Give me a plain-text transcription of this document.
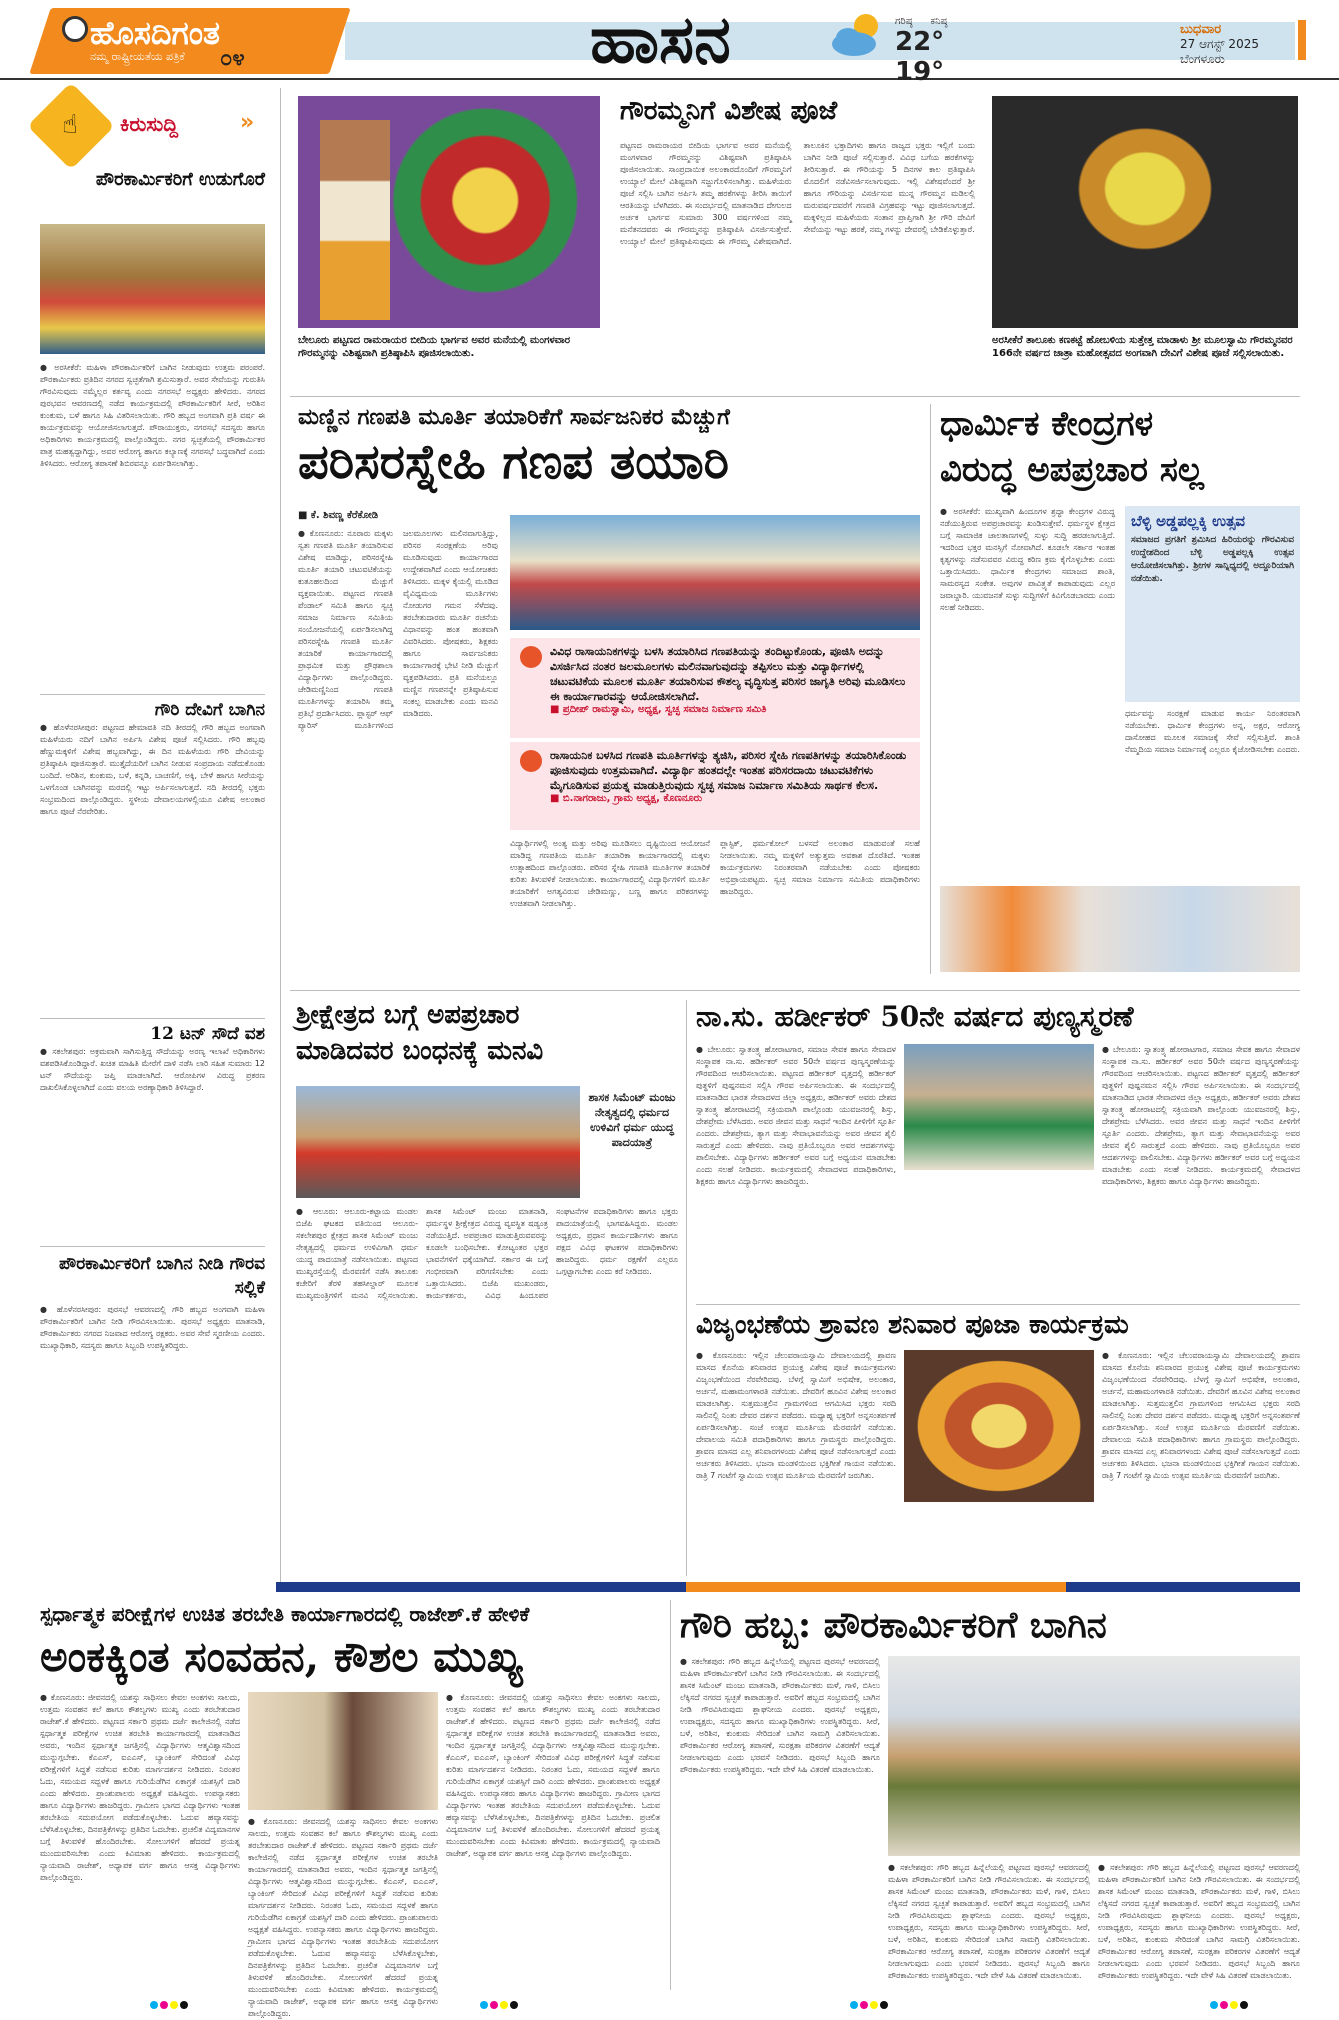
ಹೊಸದಿಗಂತ
ನಮ್ಮ ರಾಷ್ಟ್ರೀಯತೆಯ ಪತ್ರಿಕೆ ೦೪	ಹಾಸನ	ಗರಿಷ್ಠ ಕನಿಷ್ಠ
22°19°
ಬುಧವಾರ
27 ಆಗಸ್ಟ್ 2025
ಬೆಂಗಳೂರು
☝ ಕಿರುಸುದ್ದಿ	»
ಪೌರಕಾರ್ಮಿಕರಿಗೆ ಉಡುಗೊರೆ
● ಅರಸೀಕೆರೆ: ಮಹಿಳಾ ಪೌರಕಾರ್ಮಿಕರಿಗೆ ಬಾಗಿನ ನೀಡುವುದು ಉತ್ತಮ ಪರಂಪರೆ. ಪೌರಕಾರ್ಮಿಕರು ಪ್ರತಿದಿನ ನಗರದ ಸ್ವಚ್ಛತೆಗಾಗಿ ಶ್ರಮಿಸುತ್ತಾರೆ. ಅವರ ಸೇವೆಯನ್ನು ಗುರುತಿಸಿ ಗೌರವಿಸುವುದು ನಮ್ಮೆಲ್ಲರ ಕರ್ತವ್ಯ ಎಂದು ನಗರಸಭೆ ಅಧ್ಯಕ್ಷರು ಹೇಳಿದರು. ನಗರದ ಪುರಭವನ ಆವರಣದಲ್ಲಿ ನಡೆದ ಕಾರ್ಯಕ್ರಮದಲ್ಲಿ ಪೌರಕಾರ್ಮಿಕರಿಗೆ ಸೀರೆ, ಅರಿಶಿನ ಕುಂಕುಮ, ಬಳೆ ಹಾಗೂ ಸಿಹಿ ವಿತರಿಸಲಾಯಿತು. ಗೌರಿ ಹಬ್ಬದ ಅಂಗವಾಗಿ ಪ್ರತಿ ವರ್ಷ ಈ ಕಾರ್ಯಕ್ರಮವನ್ನು ಆಯೋಜಿಸಲಾಗುತ್ತದೆ. ಪೌರಾಯುಕ್ತರು, ನಗರಸಭೆ ಸದಸ್ಯರು ಹಾಗೂ ಅಧಿಕಾರಿಗಳು ಕಾರ್ಯಕ್ರಮದಲ್ಲಿ ಪಾಲ್ಗೊಂಡಿದ್ದರು. ನಗರ ಸ್ವಚ್ಛತೆಯಲ್ಲಿ ಪೌರಕಾರ್ಮಿಕರ ಪಾತ್ರ ಮಹತ್ವದ್ದಾಗಿದ್ದು, ಅವರ ಆರೋಗ್ಯ ಹಾಗೂ ಕಲ್ಯಾಣಕ್ಕೆ ನಗರಸಭೆ ಬದ್ಧವಾಗಿದೆ ಎಂದು ತಿಳಿಸಿದರು. ಆರೋಗ್ಯ ತಪಾಸಣೆ ಶಿಬಿರವನ್ನೂ ಏರ್ಪಡಿಸಲಾಗಿತ್ತು.
ಗೌರಿ ದೇವಿಗೆ ಬಾಗಿನ
● ಹೊಳೆನರಸೀಪುರ: ಪಟ್ಟಣದ ಹೇಮಾವತಿ ನದಿ ತೀರದಲ್ಲಿ ಗೌರಿ ಹಬ್ಬದ ಅಂಗವಾಗಿ ಮಹಿಳೆಯರು ನದಿಗೆ ಬಾಗಿನ ಅರ್ಪಿಸಿ ವಿಶೇಷ ಪೂಜೆ ಸಲ್ಲಿಸಿದರು. ಗೌರಿ ಹಬ್ಬವು ಹೆಣ್ಣುಮಕ್ಕಳಿಗೆ ವಿಶೇಷ ಹಬ್ಬವಾಗಿದ್ದು, ಈ ದಿನ ಮಹಿಳೆಯರು ಗೌರಿ ದೇವಿಯನ್ನು ಪ್ರತಿಷ್ಠಾಪಿಸಿ ಪೂಜಿಸುತ್ತಾರೆ. ಮುತ್ತೈದೆಯರಿಗೆ ಬಾಗಿನ ನೀಡುವ ಸಂಪ್ರದಾಯ ನಡೆದುಕೊಂಡು ಬಂದಿದೆ. ಅರಿಶಿನ, ಕುಂಕುಮ, ಬಳೆ, ಕನ್ನಡಿ, ಬಾಚಣಿಗೆ, ಅಕ್ಕಿ, ಬೇಳೆ ಹಾಗೂ ಸೀರೆಯನ್ನು ಒಳಗೊಂಡ ಬಾಗಿನವನ್ನು ಮರದಲ್ಲಿ ಇಟ್ಟು ಅರ್ಪಿಸಲಾಗುತ್ತದೆ. ನದಿ ತೀರದಲ್ಲಿ ಭಕ್ತರು ಸಂಭ್ರಮದಿಂದ ಪಾಲ್ಗೊಂಡಿದ್ದರು. ಸ್ಥಳೀಯ ದೇವಾಲಯಗಳಲ್ಲಿಯೂ ವಿಶೇಷ ಅಲಂಕಾರ ಹಾಗೂ ಪೂಜೆ ನೆರವೇರಿತು.
12 ಟನ್ ಸೌದೆ ವಶ
● ಸಕಲೇಶಪುರ: ಅಕ್ರಮವಾಗಿ ಸಾಗಿಸುತ್ತಿದ್ದ ಸೌದೆಯನ್ನು ಅರಣ್ಯ ಇಲಾಖೆ ಅಧಿಕಾರಿಗಳು ವಶಪಡಿಸಿಕೊಂಡಿದ್ದಾರೆ. ಖಚಿತ ಮಾಹಿತಿ ಮೇರೆಗೆ ದಾಳಿ ನಡೆಸಿ ಲಾರಿ ಸಹಿತ ಸುಮಾರು 12 ಟನ್ ಸೌದೆಯನ್ನು ಜಪ್ತಿ ಮಾಡಲಾಗಿದೆ. ಆರೋಪಿಗಳ ವಿರುದ್ಧ ಪ್ರಕರಣ ದಾಖಲಿಸಿಕೊಳ್ಳಲಾಗಿದೆ ಎಂದು ವಲಯ ಅರಣ್ಯಾಧಿಕಾರಿ ತಿಳಿಸಿದ್ದಾರೆ.
ಪೌರಕಾರ್ಮಿಕರಿಗೆ ಬಾಗಿನ ನೀಡಿ ಗೌರವ ಸಲ್ಲಿಕೆ
● ಹೊಳೆನರಸೀಪುರ: ಪುರಸಭೆ ಆವರಣದಲ್ಲಿ ಗೌರಿ ಹಬ್ಬದ ಅಂಗವಾಗಿ ಮಹಿಳಾ ಪೌರಕಾರ್ಮಿಕರಿಗೆ ಬಾಗಿನ ನೀಡಿ ಗೌರವಿಸಲಾಯಿತು. ಪುರಸಭೆ ಅಧ್ಯಕ್ಷರು ಮಾತನಾಡಿ, ಪೌರಕಾರ್ಮಿಕರು ನಗರದ ನಿಜವಾದ ಆರೋಗ್ಯ ರಕ್ಷಕರು. ಅವರ ಸೇವೆ ಸ್ಮರಣೀಯ ಎಂದರು. ಮುಖ್ಯಾಧಿಕಾರಿ, ಸದಸ್ಯರು ಹಾಗೂ ಸಿಬ್ಬಂದಿ ಉಪಸ್ಥಿತರಿದ್ದರು.
ಬೇಲೂರು ಪಟ್ಟಣದ ರಾಮರಾಯರ ಬೀದಿಯ ಭಾರ್ಗವ ಅವರ ಮನೆಯಲ್ಲಿ ಮಂಗಳವಾರ ಗೌರಮ್ಮನನ್ನು ವಿಶಿಷ್ಟವಾಗಿ ಪ್ರತಿಷ್ಠಾಪಿಸಿ ಪೂಜಿಸಲಾಯಿತು.
ಗೌರಮ್ಮನಿಗೆ ವಿಶೇಷ ಪೂಜೆ
ಪಟ್ಟಣದ ರಾಮರಾಯರ ಬೀದಿಯ ಭಾರ್ಗವ ಅವರ ಮನೆಯಲ್ಲಿ ಮಂಗಳವಾರ ಗೌರಮ್ಮನನ್ನು ವಿಶಿಷ್ಟವಾಗಿ ಪ್ರತಿಷ್ಠಾಪಿಸಿ ಪೂಜಿಸಲಾಯಿತು. ಸಾಂಪ್ರದಾಯಿಕ ಅಲಂಕಾರದೊಂದಿಗೆ ಗೌರಮ್ಮನಿಗೆ ಉಯ್ಯಾಲೆ ಮೇಲೆ ವಿಶಿಷ್ಟವಾಗಿ ಸಜ್ಜುಗೊಳಿಸಲಾಗಿತ್ತು. ಮಹಿಳೆಯರು ಪೂಜೆ ಸಲ್ಲಿಸಿ ಬಾಗಿನ ಅರ್ಪಿಸಿ ತಮ್ಮ ಹರಕೆಗಳನ್ನು ತೀರಿಸಿ ತಾಯಿಗೆ ಆರತಿಯನ್ನು ಬೆಳಗಿದರು. ಈ ಸಂದರ್ಭದಲ್ಲಿ ಮಾತನಾಡಿದ ದೇಗುಲದ ಅರ್ಚಕ ಭಾರ್ಗವ ಸುಮಾರು 300 ವರ್ಷಗಳಿಂದ ನಮ್ಮ ಮನೆತನದವರು ಈ ಗೌರಮ್ಮನನ್ನು ಪ್ರತಿಷ್ಠಾಪಿಸಿ ವಿಸರ್ಜಿಸುತ್ತೇವೆ. ಉಯ್ಯಾಲೆ ಮೇಲೆ ಪ್ರತಿಷ್ಠಾಪಿಸುವುದು ಈ ಗೌರಮ್ಮ ವಿಶೇಷವಾಗಿದೆ. ತಾಲೂಕಿನ ಭಕ್ತಾದಿಗಳು ಹಾಗೂ ರಾಜ್ಯದ ಭಕ್ತರು ಇಲ್ಲಿಗೆ ಬಂದು ಬಾಗಿನ ನೀಡಿ ಪೂಜೆ ಸಲ್ಲಿಸುತ್ತಾರೆ. ವಿವಿಧ ಬಗೆಯ ಹರಕೆಗಳನ್ನು ತೀರಿಸುತ್ತಾರೆ. ಈ ಗೌರಿಯನ್ನು 5 ದಿನಗಳ ಕಾಲ ಪ್ರತಿಷ್ಠಾಪಿಸಿ ಮೊದಲಿಗೆ ನಡೆವಿಸರ್ಜಿಸಲಾಗುವುದು. ಇಲ್ಲಿ ವಿಶೇಷವೆಂದರೆ ಶ್ರೀ ಹಾಗೂ ಗೌರಿಯನ್ನು ವಿಸರ್ಜಿಸುವ ಮುನ್ನ ಗೌರಮ್ಮನ ಮಡಿಲಲ್ಲಿ ಮರುವರ್ಷದವರೆಗೆ ಗಣಪತಿ ವಿಗ್ರಹವನ್ನು ಇಟ್ಟು ಪೂಜಿಸಲಾಗುತ್ತದೆ. ಮಕ್ಕಳಿಲ್ಲದ ಮಹಿಳೆಯರು ಸಂತಾನ ಪ್ರಾಪ್ತಿಗಾಗಿ ಶ್ರೀ ಗೌರಿ ದೇವಿಗೆ ಸೇವೆಯನ್ನು ಇಟ್ಟು ಹರಕೆ, ನಮ್ಮ ಗಳನ್ನು ದೇವರಲ್ಲಿ ಬೇಡಿಕೊಳ್ಳುತ್ತಾರೆ.
ಅರಸೀಕೆರೆ ತಾಲೂಕು ಕಣಕಟ್ಟೆ ಹೋಬಳಿಯ ಸುತ್ತೇತ್ತ ಮಾಡಾಳು ಶ್ರೀ ಮೂಲಸ್ವಾಮಿ ಗೌರಮ್ಮನವರ 166ನೇ ವರ್ಷದ ಜಾತ್ರಾ ಮಹೋತ್ಸವದ ಅಂಗವಾಗಿ ದೇವಿಗೆ ವಿಶೇಷ ಪೂಜೆ ಸಲ್ಲಿಸಲಾಯಿತು.
ಮಣ್ಣಿನ ಗಣಪತಿ ಮೂರ್ತಿ ತಯಾರಿಕೆಗೆ ಸಾರ್ವಜನಿಕರ ಮೆಚ್ಚುಗೆ
ಪರಿಸರಸ್ನೇಹಿ ಗಣಪ ತಯಾರಿ
■ ಕೆ. ಶಿವಣ್ಣ ಕೆರೆಕೋಡಿ
● ಕೊಣನೂರು: ನೂರಾರು ಮಕ್ಕಳು ಸ್ವತಃ ಗಣಪತಿ ಮೂರ್ತಿ ತಯಾರಿಸುವ ವಿಶೇಷ ಮಾಡಿದ್ದು, ಪರಿಸರಸ್ನೇಹಿ ಮೂರ್ತಿ ತಯಾರಿ ಚಟುವಟಿಕೆಯನ್ನು ಕುತೂಹಲದಿಂದ ಮೆಚ್ಚುಗೆ ವ್ಯಕ್ತವಾಯಿತು. ಪಟ್ಟಣದ ಗಣಪತಿ ಪೆಂಡಾಲ್ ಸಮಿತಿ ಹಾಗೂ ಸ್ವಚ್ಛ ಸಮಾಜ ನಿರ್ಮಾಣ ಸಮಿತಿಯ ಸಂಯೋಜನೆಯಲ್ಲಿ ಏರ್ಪಡಿಸಲಾಗಿದ್ದ ಪರಿಸರಸ್ನೇಹಿ ಗಣಪತಿ ಮೂರ್ತಿ ತಯಾರಿಕೆ ಕಾರ್ಯಾಗಾರದಲ್ಲಿ ಪ್ರಾಥಮಿಕ ಮತ್ತು ಪ್ರೌಢಶಾಲಾ ವಿದ್ಯಾರ್ಥಿಗಳು ಪಾಲ್ಗೊಂಡಿದ್ದರು. ಜೇಡಿಮಣ್ಣಿನಿಂದ ಗಣಪತಿ ಮೂರ್ತಿಗಳನ್ನು ತಯಾರಿಸಿ ತಮ್ಮ ಪ್ರತಿಭೆ ಪ್ರದರ್ಶಿಸಿದರು. ಪ್ಲಾಸ್ಟರ್ ಆಫ್ ಪ್ಯಾರಿಸ್ ಮೂರ್ತಿಗಳಿಂದ ಜಲಮೂಲಗಳು ಮಲಿನವಾಗುತ್ತಿದ್ದು, ಪರಿಸರ ಸಂರಕ್ಷಣೆಯ ಅರಿವು ಮೂಡಿಸುವುದು ಕಾರ್ಯಾಗಾರದ ಉದ್ದೇಶವಾಗಿದೆ ಎಂದು ಆಯೋಜಕರು ತಿಳಿಸಿದರು. ಮಕ್ಕಳ ಕೈಯಲ್ಲಿ ಮೂಡಿದ ವೈವಿಧ್ಯಮಯ ಮೂರ್ತಿಗಳು ನೋಡುಗರ ಗಮನ ಸೆಳೆದವು. ತರಬೇತುದಾರರು ಮೂರ್ತಿ ರಚನೆಯ ವಿಧಾನವನ್ನು ಹಂತ ಹಂತವಾಗಿ ವಿವರಿಸಿದರು. ಪೋಷಕರು, ಶಿಕ್ಷಕರು ಹಾಗೂ ಸಾರ್ವಜನಿಕರು ಕಾರ್ಯಾಗಾರಕ್ಕೆ ಭೇಟಿ ನೀಡಿ ಮೆಚ್ಚುಗೆ ವ್ಯಕ್ತಪಡಿಸಿದರು. ಪ್ರತಿ ಮನೆಯಲ್ಲೂ ಮಣ್ಣಿನ ಗಣಪನನ್ನೇ ಪ್ರತಿಷ್ಠಾಪಿಸುವ ಸಂಕಲ್ಪ ಮಾಡಬೇಕು ಎಂದು ಮನವಿ ಮಾಡಿದರು.
ವಿವಿಧ ರಾಸಾಯನಿಕಗಳನ್ನು ಬಳಸಿ ತಯಾರಿಸಿದ ಗಣಪತಿಯನ್ನು ತಂದಿಟ್ಟುಕೊಂಡು, ಪೂಜಿಸಿ ಅದನ್ನು ವಿಸರ್ಜಿಸಿದ ನಂತರ ಜಲಮೂಲಗಳು ಮಲಿನವಾಗುವುದನ್ನು ತಪ್ಪಿಸಲು ಮತ್ತು ವಿದ್ಯಾರ್ಥಿಗಳಲ್ಲಿ ಚಟುವಟಿಕೆಯ ಮೂಲಕ ಮೂರ್ತಿ ತಯಾರಿಸುವ ಕೌಶಲ್ಯ ವೃದ್ಧಿಸುತ್ತ ಪರಿಸರ ಜಾಗೃತಿ ಅರಿವು ಮೂಡಿಸಲು ಈ ಕಾರ್ಯಾಗಾರವನ್ನು ಆಯೋಜಿಸಲಾಗಿದೆ.
■ ಪ್ರದೀಪ್ ರಾಮಸ್ವಾಮಿ, ಅಧ್ಯಕ್ಷ, ಸ್ವಚ್ಛ ಸಮಾಜ ನಿರ್ಮಾಣ ಸಮಿತಿ
ರಾಸಾಯನಿಕ ಬಳಸಿದ ಗಣಪತಿ ಮೂರ್ತಿಗಳನ್ನು ತ್ಯಜಿಸಿ, ಪರಿಸರ ಸ್ನೇಹಿ ಗಣಪತಿಗಳನ್ನು ತಯಾರಿಸಿಕೊಂಡು ಪೂಜಿಸುವುದು ಉತ್ತಮವಾಗಿದೆ. ವಿದ್ಯಾರ್ಥಿ ಹಂತದಲ್ಲೇ ಇಂತಹ ಪರಿಸರದಾಯಿ ಚಟುವಟಿಕೆಗಳು ಮೈಗೂಡಿಸುವ ಪ್ರಯತ್ನ ಮಾಡುತ್ತಿರುವುದು ಸ್ವಚ್ಛ ಸಮಾಜ ನಿರ್ಮಾಣ ಸಮಿತಿಯ ಸಾರ್ಥಕ ಕೆಲಸ.
■ ಬಿ.ನಾಗರಾಜು, ಗ್ರಾಮ ಅಧ್ಯಕ್ಷ, ಕೊಣನೂರು
ವಿದ್ಯಾರ್ಥಿಗಳಲ್ಲಿ ಅಂತ್ಯ ಮತ್ತು ಅರಿವು ಮೂಡಿಸಲು ದೃಷ್ಟಿಯಿಂದ ಆಯೋಜನೆ ಮಾಡಿದ್ದ ಗಣಪತಿಯ ಮೂರ್ತಿ ತಯಾರಿಕಾ ಕಾರ್ಯಾಗಾರದಲ್ಲಿ ಮಕ್ಕಳು ಉತ್ಸಾಹದಿಂದ ಪಾಲ್ಗೊಂಡರು. ಪರಿಸರ ಸ್ನೇಹಿ ಗಣಪತಿ ಮೂರ್ತಿಗಳ ತಯಾರಿಕೆ ಕುರಿತು ತಿಳುವಳಿಕೆ ನೀಡಲಾಯಿತು. ಕಾರ್ಯಾಗಾರದಲ್ಲಿ ವಿದ್ಯಾರ್ಥಿಗಳಿಗೆ ಮೂರ್ತಿ ತಯಾರಿಕೆಗೆ ಅಗತ್ಯವಿರುವ ಜೇಡಿಮಣ್ಣು, ಬಣ್ಣ ಹಾಗೂ ಪರಿಕರಗಳನ್ನು ಉಚಿತವಾಗಿ ನೀಡಲಾಗಿತ್ತು.
ಪ್ಲಾಸ್ಟಿಕ್, ಥರ್ಮಕೋಲ್ ಬಳಸದೆ ಅಲಂಕಾರ ಮಾಡುವಂತೆ ಸಲಹೆ ನೀಡಲಾಯಿತು. ನಮ್ಮ ಮಕ್ಕಳಿಗೆ ಅತ್ಯುತ್ತಮ ಅವಕಾಶ ದೊರೆತಿದೆ. ಇಂತಹ ಕಾರ್ಯಕ್ರಮಗಳು ನಿರಂತರವಾಗಿ ನಡೆಯಬೇಕು ಎಂದು ಪೋಷಕರು ಅಭಿಪ್ರಾಯಪಟ್ಟರು. ಸ್ವಚ್ಛ ಸಮಾಜ ನಿರ್ಮಾಣ ಸಮಿತಿಯ ಪದಾಧಿಕಾರಿಗಳು ಹಾಜರಿದ್ದರು.
ಧಾರ್ಮಿಕ ಕೇಂದ್ರಗಳ
ವಿರುದ್ಧ ಅಪಪ್ರಚಾರ ಸಲ್ಲ
● ಅರಸೀಕೆರೆ: ಮುಖ್ಯವಾಗಿ ಹಿಂದೂಗಳ ಶ್ರದ್ಧಾ ಕೇಂದ್ರಗಳ ವಿರುದ್ಧ ನಡೆಯುತ್ತಿರುವ ಅಪಪ್ರಚಾರವನ್ನು ಖಂಡಿಸುತ್ತೇವೆ. ಧರ್ಮಸ್ಥಳ ಕ್ಷೇತ್ರದ ಬಗ್ಗೆ ಸಾಮಾಜಿಕ ಜಾಲತಾಣಗಳಲ್ಲಿ ಸುಳ್ಳು ಸುದ್ದಿ ಹರಡಲಾಗುತ್ತಿದೆ. ಇದರಿಂದ ಭಕ್ತರ ಮನಸ್ಸಿಗೆ ನೋವಾಗಿದೆ. ಕೂಡಲೇ ಸರ್ಕಾರ ಇಂತಹ ಕೃತ್ಯಗಳನ್ನು ನಡೆಸುವವರ ವಿರುದ್ಧ ಕಠಿಣ ಕ್ರಮ ಕೈಗೊಳ್ಳಬೇಕು ಎಂದು ಒತ್ತಾಯಿಸಿದರು. ಧಾರ್ಮಿಕ ಕೇಂದ್ರಗಳು ಸಮಾಜದ ಶಾಂತಿ, ಸಾಮರಸ್ಯದ ಸಂಕೇತ. ಅವುಗಳ ಪಾವಿತ್ರ್ಯತೆ ಕಾಪಾಡುವುದು ಎಲ್ಲರ ಜವಾಬ್ದಾರಿ. ಯುವಜನತೆ ಸುಳ್ಳು ಸುದ್ದಿಗಳಿಗೆ ಕಿವಿಗೊಡಬಾರದು ಎಂದು ಸಲಹೆ ನೀಡಿದರು.
ಬೆಳ್ಳಿ ಅಡ್ಡಪಲ್ಲಕ್ಕಿ ಉತ್ಸವ
ಸಮಾಜದ ಪ್ರಗತಿಗೆ ಶ್ರಮಿಸಿದ ಹಿರಿಯರನ್ನು ಗೌರವಿಸುವ ಉದ್ದೇಶದಿಂದ ಬೆಳ್ಳಿ ಅಡ್ಡಪಲ್ಲಕ್ಕಿ ಉತ್ಸವ ಆಯೋಜಿಸಲಾಗಿತ್ತು. ಶ್ರೀಗಳ ಸಾನ್ನಿಧ್ಯದಲ್ಲಿ ಅದ್ದೂರಿಯಾಗಿ ನಡೆಯಿತು.
ಧರ್ಮವನ್ನು ಸಂರಕ್ಷಣೆ ಮಾಡುವ ಕಾರ್ಯ ನಿರಂತರವಾಗಿ ನಡೆಯಬೇಕು. ಧಾರ್ಮಿಕ ಕೇಂದ್ರಗಳು ಅನ್ನ, ಅಕ್ಷರ, ಆರೋಗ್ಯ ದಾಸೋಹದ ಮೂಲಕ ಸಮಾಜಕ್ಕೆ ಸೇವೆ ಸಲ್ಲಿಸುತ್ತಿವೆ. ಶಾಂತಿ ನೆಮ್ಮದಿಯ ಸಮಾಜ ನಿರ್ಮಾಣಕ್ಕೆ ಎಲ್ಲರೂ ಕೈಜೋಡಿಸಬೇಕು ಎಂದರು.
ಶ್ರೀಕ್ಷೇತ್ರದ ಬಗ್ಗೆ ಅಪಪ್ರಚಾರ
ಮಾಡಿದವರ ಬಂಧನಕ್ಕೆ ಮನವಿ
ಶಾಸಕ ಸಿಮೆಂಟ್ ಮಂಜು ನೇತೃತ್ವದಲ್ಲಿ ಧರ್ಮದ ಉಳಿವಿಗೆ ಧರ್ಮ ಯುದ್ಧ ಪಾದಯಾತ್ರೆ
● ಆಲೂರು: ಆಲೂರು-ಕಟ್ಟಾಯ ಮಂಡಲ ಬಿಜೆಪಿ ಘಟಕದ ವತಿಯಿಂದ ಆಲೂರು-ಸಕಲೇಶಪುರ ಕ್ಷೇತ್ರದ ಶಾಸಕ ಸಿಮೆಂಟ್ ಮಂಜು ನೇತೃತ್ವದಲ್ಲಿ ಧರ್ಮದ ಉಳಿವಿಗಾಗಿ ಧರ್ಮ ಯುದ್ಧ ಪಾದಯಾತ್ರೆ ನಡೆಸಲಾಯಿತು. ಪಟ್ಟಣದ ಮುಖ್ಯರಸ್ತೆಯಲ್ಲಿ ಮೆರವಣಿಗೆ ನಡೆಸಿ ತಾಲೂಕು ಕಚೇರಿಗೆ ತೆರಳಿ ತಹಸೀಲ್ದಾರ್ ಮೂಲಕ ಮುಖ್ಯಮಂತ್ರಿಗಳಿಗೆ ಮನವಿ ಸಲ್ಲಿಸಲಾಯಿತು. ಶಾಸಕ ಸಿಮೆಂಟ್ ಮಂಜು ಮಾತನಾಡಿ, ಧರ್ಮಸ್ಥಳ ಶ್ರೀಕ್ಷೇತ್ರದ ವಿರುದ್ಧ ವ್ಯವಸ್ಥಿತ ಷಡ್ಯಂತ್ರ ನಡೆಯುತ್ತಿದೆ. ಅಪಪ್ರಚಾರ ಮಾಡುತ್ತಿರುವವರನ್ನು ಕೂಡಲೇ ಬಂಧಿಸಬೇಕು. ಕೋಟ್ಯಂತರ ಭಕ್ತರ ಭಾವನೆಗಳಿಗೆ ಧಕ್ಕೆಯಾಗಿದೆ. ಸರ್ಕಾರ ಈ ಬಗ್ಗೆ ಗಂಭೀರವಾಗಿ ಪರಿಗಣಿಸಬೇಕು ಎಂದು ಒತ್ತಾಯಿಸಿದರು. ಬಿಜೆಪಿ ಮುಖಂಡರು, ಕಾರ್ಯಕರ್ತರು, ವಿವಿಧ ಹಿಂದೂಪರ ಸಂಘಟನೆಗಳ ಪದಾಧಿಕಾರಿಗಳು ಹಾಗೂ ಭಕ್ತರು ಪಾದಯಾತ್ರೆಯಲ್ಲಿ ಭಾಗವಹಿಸಿದ್ದರು. ಮಂಡಲ ಅಧ್ಯಕ್ಷರು, ಪ್ರಧಾನ ಕಾರ್ಯದರ್ಶಿಗಳು ಹಾಗೂ ಪಕ್ಷದ ವಿವಿಧ ಘಟಕಗಳ ಪದಾಧಿಕಾರಿಗಳು ಹಾಜರಿದ್ದರು. ಧರ್ಮ ರಕ್ಷಣೆಗೆ ಎಲ್ಲರೂ ಒಗ್ಗಟ್ಟಾಗಬೇಕು ಎಂದು ಕರೆ ನೀಡಿದರು.
ನಾ.ಸು. ಹರ್ಡೀಕರ್ 50ನೇ ವರ್ಷದ ಪುಣ್ಯಸ್ಮರಣೆ
● ಬೇಲೂರು: ಸ್ವಾತಂತ್ರ್ಯ ಹೋರಾಟಗಾರ, ಸಮಾಜ ಸೇವಕ ಹಾಗೂ ಸೇವಾದಳ ಸಂಸ್ಥಾಪಕ ನಾ.ಸು. ಹರ್ಡೀಕರ್ ಅವರ 50ನೇ ವರ್ಷದ ಪುಣ್ಯಸ್ಮರಣೆಯನ್ನು ಗೌರವದಿಂದ ಆಚರಿಸಲಾಯಿತು. ಪಟ್ಟಣದ ಹರ್ಡೀಕರ್ ವೃತ್ತದಲ್ಲಿ ಹರ್ಡೀಕರ್ ಪುತ್ಥಳಿಗೆ ಪುಷ್ಪನಮನ ಸಲ್ಲಿಸಿ ಗೌರವ ಅರ್ಪಿಸಲಾಯಿತು. ಈ ಸಂದರ್ಭದಲ್ಲಿ ಮಾತನಾಡಿದ ಭಾರತ ಸೇವಾದಳದ ಜಿಲ್ಲಾ ಅಧ್ಯಕ್ಷರು, ಹರ್ಡೀಕರ್ ಅವರು ದೇಶದ ಸ್ವಾತಂತ್ರ್ಯ ಹೋರಾಟದಲ್ಲಿ ಸಕ್ರಿಯವಾಗಿ ಪಾಲ್ಗೊಂಡು ಯುವಜನರಲ್ಲಿ ಶಿಸ್ತು, ದೇಶಪ್ರೇಮ ಬೆಳೆಸಿದರು. ಅವರ ಜೀವನ ಮತ್ತು ಸಾಧನೆ ಇಂದಿನ ಪೀಳಿಗೆಗೆ ಸ್ಫೂರ್ತಿ ಎಂದರು. ದೇಶಪ್ರೇಮ, ತ್ಯಾಗ ಮತ್ತು ಸೇವಾಭಾವನೆಯನ್ನು ಅವರ ಜೀವನ ಶೈಲಿ ಸಾರುತ್ತದೆ ಎಂದು ಹೇಳಿದರು. ನಾವು ಪ್ರತಿಯೊಬ್ಬರೂ ಅವರ ಆದರ್ಶಗಳನ್ನು ಪಾಲಿಸಬೇಕು. ವಿದ್ಯಾರ್ಥಿಗಳು ಹರ್ಡೀಕರ್ ಅವರ ಬಗ್ಗೆ ಅಧ್ಯಯನ ಮಾಡಬೇಕು ಎಂದು ಸಲಹೆ ನೀಡಿದರು. ಕಾರ್ಯಕ್ರಮದಲ್ಲಿ ಸೇವಾದಳದ ಪದಾಧಿಕಾರಿಗಳು, ಶಿಕ್ಷಕರು ಹಾಗೂ ವಿದ್ಯಾರ್ಥಿಗಳು ಹಾಜರಿದ್ದರು.
● ಬೇಲೂರು: ಸ್ವಾತಂತ್ರ್ಯ ಹೋರಾಟಗಾರ, ಸಮಾಜ ಸೇವಕ ಹಾಗೂ ಸೇವಾದಳ ಸಂಸ್ಥಾಪಕ ನಾ.ಸು. ಹರ್ಡೀಕರ್ ಅವರ 50ನೇ ವರ್ಷದ ಪುಣ್ಯಸ್ಮರಣೆಯನ್ನು ಗೌರವದಿಂದ ಆಚರಿಸಲಾಯಿತು. ಪಟ್ಟಣದ ಹರ್ಡೀಕರ್ ವೃತ್ತದಲ್ಲಿ ಹರ್ಡೀಕರ್ ಪುತ್ಥಳಿಗೆ ಪುಷ್ಪನಮನ ಸಲ್ಲಿಸಿ ಗೌರವ ಅರ್ಪಿಸಲಾಯಿತು. ಈ ಸಂದರ್ಭದಲ್ಲಿ ಮಾತನಾಡಿದ ಭಾರತ ಸೇವಾದಳದ ಜಿಲ್ಲಾ ಅಧ್ಯಕ್ಷರು, ಹರ್ಡೀಕರ್ ಅವರು ದೇಶದ ಸ್ವಾತಂತ್ರ್ಯ ಹೋರಾಟದಲ್ಲಿ ಸಕ್ರಿಯವಾಗಿ ಪಾಲ್ಗೊಂಡು ಯುವಜನರಲ್ಲಿ ಶಿಸ್ತು, ದೇಶಪ್ರೇಮ ಬೆಳೆಸಿದರು. ಅವರ ಜೀವನ ಮತ್ತು ಸಾಧನೆ ಇಂದಿನ ಪೀಳಿಗೆಗೆ ಸ್ಫೂರ್ತಿ ಎಂದರು. ದೇಶಪ್ರೇಮ, ತ್ಯಾಗ ಮತ್ತು ಸೇವಾಭಾವನೆಯನ್ನು ಅವರ ಜೀವನ ಶೈಲಿ ಸಾರುತ್ತದೆ ಎಂದು ಹೇಳಿದರು. ನಾವು ಪ್ರತಿಯೊಬ್ಬರೂ ಅವರ ಆದರ್ಶಗಳನ್ನು ಪಾಲಿಸಬೇಕು. ವಿದ್ಯಾರ್ಥಿಗಳು ಹರ್ಡೀಕರ್ ಅವರ ಬಗ್ಗೆ ಅಧ್ಯಯನ ಮಾಡಬೇಕು ಎಂದು ಸಲಹೆ ನೀಡಿದರು. ಕಾರ್ಯಕ್ರಮದಲ್ಲಿ ಸೇವಾದಳದ ಪದಾಧಿಕಾರಿಗಳು, ಶಿಕ್ಷಕರು ಹಾಗೂ ವಿದ್ಯಾರ್ಥಿಗಳು ಹಾಜರಿದ್ದರು.
ವಿಜೃಂಭಣೆಯ ಶ್ರಾವಣ ಶನಿವಾರ ಪೂಜಾ ಕಾರ್ಯಕ್ರಮ
● ಕೊಣನೂರು: ಇಲ್ಲಿನ ಚೆಲುವರಾಯಸ್ವಾಮಿ ದೇವಾಲಯದಲ್ಲಿ ಶ್ರಾವಣ ಮಾಸದ ಕೊನೆಯ ಶನಿವಾರದ ಪ್ರಯುಕ್ತ ವಿಶೇಷ ಪೂಜೆ ಕಾರ್ಯಕ್ರಮಗಳು ವಿಜೃಂಭಣೆಯಿಂದ ನೆರವೇರಿದವು. ಬೆಳಗ್ಗೆ ಸ್ವಾಮಿಗೆ ಅಭಿಷೇಕ, ಅಲಂಕಾರ, ಅರ್ಚನೆ, ಮಹಾಮಂಗಳಾರತಿ ನಡೆಯಿತು. ದೇವರಿಗೆ ಹೂವಿನ ವಿಶೇಷ ಅಲಂಕಾರ ಮಾಡಲಾಗಿತ್ತು. ಸುತ್ತಮುತ್ತಲಿನ ಗ್ರಾಮಗಳಿಂದ ಆಗಮಿಸಿದ ಭಕ್ತರು ಸರದಿ ಸಾಲಿನಲ್ಲಿ ನಿಂತು ದೇವರ ದರ್ಶನ ಪಡೆದರು. ಮಧ್ಯಾಹ್ನ ಭಕ್ತರಿಗೆ ಅನ್ನಸಂತರ್ಪಣೆ ಏರ್ಪಡಿಸಲಾಗಿತ್ತು. ಸಂಜೆ ಉತ್ಸವ ಮೂರ್ತಿಯ ಮೆರವಣಿಗೆ ನಡೆಯಿತು. ದೇವಾಲಯ ಸಮಿತಿ ಪದಾಧಿಕಾರಿಗಳು ಹಾಗೂ ಗ್ರಾಮಸ್ಥರು ಪಾಲ್ಗೊಂಡಿದ್ದರು. ಶ್ರಾವಣ ಮಾಸದ ಎಲ್ಲ ಶನಿವಾರಗಳಂದು ವಿಶೇಷ ಪೂಜೆ ನಡೆಸಲಾಗುತ್ತದೆ ಎಂದು ಅರ್ಚಕರು ತಿಳಿಸಿದರು. ಭಜನಾ ಮಂಡಳಿಯಿಂದ ಭಕ್ತಿಗೀತೆ ಗಾಯನ ನಡೆಯಿತು. ರಾತ್ರಿ 7 ಗಂಟೆಗೆ ಸ್ವಾಮಿಯ ಉತ್ಸವ ಮೂರ್ತಿಯ ಮೆರವಣಿಗೆ ಜರುಗಿತು.
● ಕೊಣನೂರು: ಇಲ್ಲಿನ ಚೆಲುವರಾಯಸ್ವಾಮಿ ದೇವಾಲಯದಲ್ಲಿ ಶ್ರಾವಣ ಮಾಸದ ಕೊನೆಯ ಶನಿವಾರದ ಪ್ರಯುಕ್ತ ವಿಶೇಷ ಪೂಜೆ ಕಾರ್ಯಕ್ರಮಗಳು ವಿಜೃಂಭಣೆಯಿಂದ ನೆರವೇರಿದವು. ಬೆಳಗ್ಗೆ ಸ್ವಾಮಿಗೆ ಅಭಿಷೇಕ, ಅಲಂಕಾರ, ಅರ್ಚನೆ, ಮಹಾಮಂಗಳಾರತಿ ನಡೆಯಿತು. ದೇವರಿಗೆ ಹೂವಿನ ವಿಶೇಷ ಅಲಂಕಾರ ಮಾಡಲಾಗಿತ್ತು. ಸುತ್ತಮುತ್ತಲಿನ ಗ್ರಾಮಗಳಿಂದ ಆಗಮಿಸಿದ ಭಕ್ತರು ಸರದಿ ಸಾಲಿನಲ್ಲಿ ನಿಂತು ದೇವರ ದರ್ಶನ ಪಡೆದರು. ಮಧ್ಯಾಹ್ನ ಭಕ್ತರಿಗೆ ಅನ್ನಸಂತರ್ಪಣೆ ಏರ್ಪಡಿಸಲಾಗಿತ್ತು. ಸಂಜೆ ಉತ್ಸವ ಮೂರ್ತಿಯ ಮೆರವಣಿಗೆ ನಡೆಯಿತು. ದೇವಾಲಯ ಸಮಿತಿ ಪದಾಧಿಕಾರಿಗಳು ಹಾಗೂ ಗ್ರಾಮಸ್ಥರು ಪಾಲ್ಗೊಂಡಿದ್ದರು. ಶ್ರಾವಣ ಮಾಸದ ಎಲ್ಲ ಶನಿವಾರಗಳಂದು ವಿಶೇಷ ಪೂಜೆ ನಡೆಸಲಾಗುತ್ತದೆ ಎಂದು ಅರ್ಚಕರು ತಿಳಿಸಿದರು. ಭಜನಾ ಮಂಡಳಿಯಿಂದ ಭಕ್ತಿಗೀತೆ ಗಾಯನ ನಡೆಯಿತು. ರಾತ್ರಿ 7 ಗಂಟೆಗೆ ಸ್ವಾಮಿಯ ಉತ್ಸವ ಮೂರ್ತಿಯ ಮೆರವಣಿಗೆ ಜರುಗಿತು.
ಸ್ಪರ್ಧಾತ್ಮಕ ಪರೀಕ್ಷೆಗಳ ಉಚಿತ ತರಬೇತಿ ಕಾರ್ಯಾಗಾರದಲ್ಲಿ ರಾಜೇಶ್.ಕೆ ಹೇಳಿಕೆ
ಅಂಕಕ್ಕಿಂತ ಸಂವಹನ, ಕೌಶಲ ಮುಖ್ಯ
● ಕೊಣನೂರು: ಜೀವನದಲ್ಲಿ ಯಶಸ್ಸು ಸಾಧಿಸಲು ಕೇವಲ ಅಂಕಗಳು ಸಾಲದು, ಉತ್ತಮ ಸಂವಹನ ಕಲೆ ಹಾಗೂ ಕೌಶಲ್ಯಗಳು ಮುಖ್ಯ ಎಂದು ತರಬೇತುದಾರ ರಾಜೇಶ್.ಕೆ ಹೇಳಿದರು. ಪಟ್ಟಣದ ಸರ್ಕಾರಿ ಪ್ರಥಮ ದರ್ಜೆ ಕಾಲೇಜಿನಲ್ಲಿ ನಡೆದ ಸ್ಪರ್ಧಾತ್ಮಕ ಪರೀಕ್ಷೆಗಳ ಉಚಿತ ತರಬೇತಿ ಕಾರ್ಯಾಗಾರದಲ್ಲಿ ಮಾತನಾಡಿದ ಅವರು, ಇಂದಿನ ಸ್ಪರ್ಧಾತ್ಮಕ ಜಗತ್ತಿನಲ್ಲಿ ವಿದ್ಯಾರ್ಥಿಗಳು ಆತ್ಮವಿಶ್ವಾಸದಿಂದ ಮುನ್ನುಗ್ಗಬೇಕು. ಕೆಎಎಸ್, ಐಎಎಸ್, ಬ್ಯಾಂಕಿಂಗ್ ಸೇರಿದಂತೆ ವಿವಿಧ ಪರೀಕ್ಷೆಗಳಿಗೆ ಸಿದ್ಧತೆ ನಡೆಸುವ ಕುರಿತು ಮಾರ್ಗದರ್ಶನ ನೀಡಿದರು. ನಿರಂತರ ಓದು, ಸಮಯದ ಸದ್ಬಳಕೆ ಹಾಗೂ ಗುರಿಯೆಡೆಗಿನ ಏಕಾಗ್ರತೆ ಯಶಸ್ಸಿಗೆ ದಾರಿ ಎಂದು ಹೇಳಿದರು. ಪ್ರಾಂಶುಪಾಲರು ಅಧ್ಯಕ್ಷತೆ ವಹಿಸಿದ್ದರು. ಉಪನ್ಯಾಸಕರು ಹಾಗೂ ವಿದ್ಯಾರ್ಥಿಗಳು ಹಾಜರಿದ್ದರು. ಗ್ರಾಮೀಣ ಭಾಗದ ವಿದ್ಯಾರ್ಥಿಗಳು ಇಂತಹ ತರಬೇತಿಯ ಸದುಪಯೋಗ ಪಡೆದುಕೊಳ್ಳಬೇಕು. ಓದುವ ಹವ್ಯಾಸವನ್ನು ಬೆಳೆಸಿಕೊಳ್ಳಬೇಕು, ದಿನಪತ್ರಿಕೆಗಳನ್ನು ಪ್ರತಿದಿನ ಓದಬೇಕು. ಪ್ರಚಲಿತ ವಿದ್ಯಮಾನಗಳ ಬಗ್ಗೆ ತಿಳುವಳಿಕೆ ಹೊಂದಿರಬೇಕು. ಸೋಲುಗಳಿಗೆ ಹೆದರದೆ ಪ್ರಯತ್ನ ಮುಂದುವರಿಸಬೇಕು ಎಂದು ಕಿವಿಮಾತು ಹೇಳಿದರು. ಕಾರ್ಯಕ್ರಮದಲ್ಲಿ ನ್ಯಾಯವಾದಿ ರಾಜೇಶ್, ಅಧ್ಯಾಪಕ ವರ್ಗ ಹಾಗೂ ಆಸಕ್ತ ವಿದ್ಯಾರ್ಥಿಗಳು ಪಾಲ್ಗೊಂಡಿದ್ದರು.
● ಕೊಣನೂರು: ಜೀವನದಲ್ಲಿ ಯಶಸ್ಸು ಸಾಧಿಸಲು ಕೇವಲ ಅಂಕಗಳು ಸಾಲದು, ಉತ್ತಮ ಸಂವಹನ ಕಲೆ ಹಾಗೂ ಕೌಶಲ್ಯಗಳು ಮುಖ್ಯ ಎಂದು ತರಬೇತುದಾರ ರಾಜೇಶ್.ಕೆ ಹೇಳಿದರು. ಪಟ್ಟಣದ ಸರ್ಕಾರಿ ಪ್ರಥಮ ದರ್ಜೆ ಕಾಲೇಜಿನಲ್ಲಿ ನಡೆದ ಸ್ಪರ್ಧಾತ್ಮಕ ಪರೀಕ್ಷೆಗಳ ಉಚಿತ ತರಬೇತಿ ಕಾರ್ಯಾಗಾರದಲ್ಲಿ ಮಾತನಾಡಿದ ಅವರು, ಇಂದಿನ ಸ್ಪರ್ಧಾತ್ಮಕ ಜಗತ್ತಿನಲ್ಲಿ ವಿದ್ಯಾರ್ಥಿಗಳು ಆತ್ಮವಿಶ್ವಾಸದಿಂದ ಮುನ್ನುಗ್ಗಬೇಕು. ಕೆಎಎಸ್, ಐಎಎಸ್, ಬ್ಯಾಂಕಿಂಗ್ ಸೇರಿದಂತೆ ವಿವಿಧ ಪರೀಕ್ಷೆಗಳಿಗೆ ಸಿದ್ಧತೆ ನಡೆಸುವ ಕುರಿತು ಮಾರ್ಗದರ್ಶನ ನೀಡಿದರು. ನಿರಂತರ ಓದು, ಸಮಯದ ಸದ್ಬಳಕೆ ಹಾಗೂ ಗುರಿಯೆಡೆಗಿನ ಏಕಾಗ್ರತೆ ಯಶಸ್ಸಿಗೆ ದಾರಿ ಎಂದು ಹೇಳಿದರು. ಪ್ರಾಂಶುಪಾಲರು ಅಧ್ಯಕ್ಷತೆ ವಹಿಸಿದ್ದರು. ಉಪನ್ಯಾಸಕರು ಹಾಗೂ ವಿದ್ಯಾರ್ಥಿಗಳು ಹಾಜರಿದ್ದರು. ಗ್ರಾಮೀಣ ಭಾಗದ ವಿದ್ಯಾರ್ಥಿಗಳು ಇಂತಹ ತರಬೇತಿಯ ಸದುಪಯೋಗ ಪಡೆದುಕೊಳ್ಳಬೇಕು. ಓದುವ ಹವ್ಯಾಸವನ್ನು ಬೆಳೆಸಿಕೊಳ್ಳಬೇಕು, ದಿನಪತ್ರಿಕೆಗಳನ್ನು ಪ್ರತಿದಿನ ಓದಬೇಕು. ಪ್ರಚಲಿತ ವಿದ್ಯಮಾನಗಳ ಬಗ್ಗೆ ತಿಳುವಳಿಕೆ ಹೊಂದಿರಬೇಕು. ಸೋಲುಗಳಿಗೆ ಹೆದರದೆ ಪ್ರಯತ್ನ ಮುಂದುವರಿಸಬೇಕು ಎಂದು ಕಿವಿಮಾತು ಹೇಳಿದರು. ಕಾರ್ಯಕ್ರಮದಲ್ಲಿ ನ್ಯಾಯವಾದಿ ರಾಜೇಶ್, ಅಧ್ಯಾಪಕ ವರ್ಗ ಹಾಗೂ ಆಸಕ್ತ ವಿದ್ಯಾರ್ಥಿಗಳು ಪಾಲ್ಗೊಂಡಿದ್ದರು.
● ಕೊಣನೂರು: ಜೀವನದಲ್ಲಿ ಯಶಸ್ಸು ಸಾಧಿಸಲು ಕೇವಲ ಅಂಕಗಳು ಸಾಲದು, ಉತ್ತಮ ಸಂವಹನ ಕಲೆ ಹಾಗೂ ಕೌಶಲ್ಯಗಳು ಮುಖ್ಯ ಎಂದು ತರಬೇತುದಾರ ರಾಜೇಶ್.ಕೆ ಹೇಳಿದರು. ಪಟ್ಟಣದ ಸರ್ಕಾರಿ ಪ್ರಥಮ ದರ್ಜೆ ಕಾಲೇಜಿನಲ್ಲಿ ನಡೆದ ಸ್ಪರ್ಧಾತ್ಮಕ ಪರೀಕ್ಷೆಗಳ ಉಚಿತ ತರಬೇತಿ ಕಾರ್ಯಾಗಾರದಲ್ಲಿ ಮಾತನಾಡಿದ ಅವರು, ಇಂದಿನ ಸ್ಪರ್ಧಾತ್ಮಕ ಜಗತ್ತಿನಲ್ಲಿ ವಿದ್ಯಾರ್ಥಿಗಳು ಆತ್ಮವಿಶ್ವಾಸದಿಂದ ಮುನ್ನುಗ್ಗಬೇಕು. ಕೆಎಎಸ್, ಐಎಎಸ್, ಬ್ಯಾಂಕಿಂಗ್ ಸೇರಿದಂತೆ ವಿವಿಧ ಪರೀಕ್ಷೆಗಳಿಗೆ ಸಿದ್ಧತೆ ನಡೆಸುವ ಕುರಿತು ಮಾರ್ಗದರ್ಶನ ನೀಡಿದರು. ನಿರಂತರ ಓದು, ಸಮಯದ ಸದ್ಬಳಕೆ ಹಾಗೂ ಗುರಿಯೆಡೆಗಿನ ಏಕಾಗ್ರತೆ ಯಶಸ್ಸಿಗೆ ದಾರಿ ಎಂದು ಹೇಳಿದರು. ಪ್ರಾಂಶುಪಾಲರು ಅಧ್ಯಕ್ಷತೆ ವಹಿಸಿದ್ದರು. ಉಪನ್ಯಾಸಕರು ಹಾಗೂ ವಿದ್ಯಾರ್ಥಿಗಳು ಹಾಜರಿದ್ದರು. ಗ್ರಾಮೀಣ ಭಾಗದ ವಿದ್ಯಾರ್ಥಿಗಳು ಇಂತಹ ತರಬೇತಿಯ ಸದುಪಯೋಗ ಪಡೆದುಕೊಳ್ಳಬೇಕು. ಓದುವ ಹವ್ಯಾಸವನ್ನು ಬೆಳೆಸಿಕೊಳ್ಳಬೇಕು, ದಿನಪತ್ರಿಕೆಗಳನ್ನು ಪ್ರತಿದಿನ ಓದಬೇಕು. ಪ್ರಚಲಿತ ವಿದ್ಯಮಾನಗಳ ಬಗ್ಗೆ ತಿಳುವಳಿಕೆ ಹೊಂದಿರಬೇಕು. ಸೋಲುಗಳಿಗೆ ಹೆದರದೆ ಪ್ರಯತ್ನ ಮುಂದುವರಿಸಬೇಕು ಎಂದು ಕಿವಿಮಾತು ಹೇಳಿದರು. ಕಾರ್ಯಕ್ರಮದಲ್ಲಿ ನ್ಯಾಯವಾದಿ ರಾಜೇಶ್, ಅಧ್ಯಾಪಕ ವರ್ಗ ಹಾಗೂ ಆಸಕ್ತ ವಿದ್ಯಾರ್ಥಿಗಳು ಪಾಲ್ಗೊಂಡಿದ್ದರು.
ಗೌರಿ ಹಬ್ಬ: ಪೌರಕಾರ್ಮಿಕರಿಗೆ ಬಾಗಿನ
● ಸಕಲೇಶಪುರ: ಗೌರಿ ಹಬ್ಬದ ಹಿನ್ನೆಲೆಯಲ್ಲಿ ಪಟ್ಟಣದ ಪುರಸಭೆ ಆವರಣದಲ್ಲಿ ಮಹಿಳಾ ಪೌರಕಾರ್ಮಿಕರಿಗೆ ಬಾಗಿನ ನೀಡಿ ಗೌರವಿಸಲಾಯಿತು. ಈ ಸಂದರ್ಭದಲ್ಲಿ ಶಾಸಕ ಸಿಮೆಂಟ್ ಮಂಜು ಮಾತನಾಡಿ, ಪೌರಕಾರ್ಮಿಕರು ಮಳೆ, ಗಾಳಿ, ಬಿಸಿಲು ಲೆಕ್ಕಿಸದೆ ನಗರದ ಸ್ವಚ್ಛತೆ ಕಾಪಾಡುತ್ತಾರೆ. ಅವರಿಗೆ ಹಬ್ಬದ ಸಂಭ್ರಮದಲ್ಲಿ ಬಾಗಿನ ನೀಡಿ ಗೌರವಿಸಿರುವುದು ಶ್ಲಾಘನೀಯ ಎಂದರು. ಪುರಸಭೆ ಅಧ್ಯಕ್ಷರು, ಉಪಾಧ್ಯಕ್ಷರು, ಸದಸ್ಯರು ಹಾಗೂ ಮುಖ್ಯಾಧಿಕಾರಿಗಳು ಉಪಸ್ಥಿತರಿದ್ದರು. ಸೀರೆ, ಬಳೆ, ಅರಿಶಿನ, ಕುಂಕುಮ ಸೇರಿದಂತೆ ಬಾಗಿನ ಸಾಮಗ್ರಿ ವಿತರಿಸಲಾಯಿತು. ಪೌರಕಾರ್ಮಿಕರ ಆರೋಗ್ಯ ತಪಾಸಣೆ, ಸುರಕ್ಷತಾ ಪರಿಕರಗಳ ವಿತರಣೆಗೆ ಆದ್ಯತೆ ನೀಡಲಾಗುವುದು ಎಂದು ಭರವಸೆ ನೀಡಿದರು. ಪುರಸಭೆ ಸಿಬ್ಬಂದಿ ಹಾಗೂ ಪೌರಕಾರ್ಮಿಕರು ಉಪಸ್ಥಿತರಿದ್ದರು. ಇದೇ ವೇಳೆ ಸಿಹಿ ವಿತರಣೆ ಮಾಡಲಾಯಿತು.
● ಸಕಲೇಶಪುರ: ಗೌರಿ ಹಬ್ಬದ ಹಿನ್ನೆಲೆಯಲ್ಲಿ ಪಟ್ಟಣದ ಪುರಸಭೆ ಆವರಣದಲ್ಲಿ ಮಹಿಳಾ ಪೌರಕಾರ್ಮಿಕರಿಗೆ ಬಾಗಿನ ನೀಡಿ ಗೌರವಿಸಲಾಯಿತು. ಈ ಸಂದರ್ಭದಲ್ಲಿ ಶಾಸಕ ಸಿಮೆಂಟ್ ಮಂಜು ಮಾತನಾಡಿ, ಪೌರಕಾರ್ಮಿಕರು ಮಳೆ, ಗಾಳಿ, ಬಿಸಿಲು ಲೆಕ್ಕಿಸದೆ ನಗರದ ಸ್ವಚ್ಛತೆ ಕಾಪಾಡುತ್ತಾರೆ. ಅವರಿಗೆ ಹಬ್ಬದ ಸಂಭ್ರಮದಲ್ಲಿ ಬಾಗಿನ ನೀಡಿ ಗೌರವಿಸಿರುವುದು ಶ್ಲಾಘನೀಯ ಎಂದರು. ಪುರಸಭೆ ಅಧ್ಯಕ್ಷರು, ಉಪಾಧ್ಯಕ್ಷರು, ಸದಸ್ಯರು ಹಾಗೂ ಮುಖ್ಯಾಧಿಕಾರಿಗಳು ಉಪಸ್ಥಿತರಿದ್ದರು. ಸೀರೆ, ಬಳೆ, ಅರಿಶಿನ, ಕುಂಕುಮ ಸೇರಿದಂತೆ ಬಾಗಿನ ಸಾಮಗ್ರಿ ವಿತರಿಸಲಾಯಿತು. ಪೌರಕಾರ್ಮಿಕರ ಆರೋಗ್ಯ ತಪಾಸಣೆ, ಸುರಕ್ಷತಾ ಪರಿಕರಗಳ ವಿತರಣೆಗೆ ಆದ್ಯತೆ ನೀಡಲಾಗುವುದು ಎಂದು ಭರವಸೆ ನೀಡಿದರು. ಪುರಸಭೆ ಸಿಬ್ಬಂದಿ ಹಾಗೂ ಪೌರಕಾರ್ಮಿಕರು ಉಪಸ್ಥಿತರಿದ್ದರು. ಇದೇ ವೇಳೆ ಸಿಹಿ ವಿತರಣೆ ಮಾಡಲಾಯಿತು.
● ಸಕಲೇಶಪುರ: ಗೌರಿ ಹಬ್ಬದ ಹಿನ್ನೆಲೆಯಲ್ಲಿ ಪಟ್ಟಣದ ಪುರಸಭೆ ಆವರಣದಲ್ಲಿ ಮಹಿಳಾ ಪೌರಕಾರ್ಮಿಕರಿಗೆ ಬಾಗಿನ ನೀಡಿ ಗೌರವಿಸಲಾಯಿತು. ಈ ಸಂದರ್ಭದಲ್ಲಿ ಶಾಸಕ ಸಿಮೆಂಟ್ ಮಂಜು ಮಾತನಾಡಿ, ಪೌರಕಾರ್ಮಿಕರು ಮಳೆ, ಗಾಳಿ, ಬಿಸಿಲು ಲೆಕ್ಕಿಸದೆ ನಗರದ ಸ್ವಚ್ಛತೆ ಕಾಪಾಡುತ್ತಾರೆ. ಅವರಿಗೆ ಹಬ್ಬದ ಸಂಭ್ರಮದಲ್ಲಿ ಬಾಗಿನ ನೀಡಿ ಗೌರವಿಸಿರುವುದು ಶ್ಲಾಘನೀಯ ಎಂದರು. ಪುರಸಭೆ ಅಧ್ಯಕ್ಷರು, ಉಪಾಧ್ಯಕ್ಷರು, ಸದಸ್ಯರು ಹಾಗೂ ಮುಖ್ಯಾಧಿಕಾರಿಗಳು ಉಪಸ್ಥಿತರಿದ್ದರು. ಸೀರೆ, ಬಳೆ, ಅರಿಶಿನ, ಕುಂಕುಮ ಸೇರಿದಂತೆ ಬಾಗಿನ ಸಾಮಗ್ರಿ ವಿತರಿಸಲಾಯಿತು. ಪೌರಕಾರ್ಮಿಕರ ಆರೋಗ್ಯ ತಪಾಸಣೆ, ಸುರಕ್ಷತಾ ಪರಿಕರಗಳ ವಿತರಣೆಗೆ ಆದ್ಯತೆ ನೀಡಲಾಗುವುದು ಎಂದು ಭರವಸೆ ನೀಡಿದರು. ಪುರಸಭೆ ಸಿಬ್ಬಂದಿ ಹಾಗೂ ಪೌರಕಾರ್ಮಿಕರು ಉಪಸ್ಥಿತರಿದ್ದರು. ಇದೇ ವೇಳೆ ಸಿಹಿ ವಿತರಣೆ ಮಾಡಲಾಯಿತು.
